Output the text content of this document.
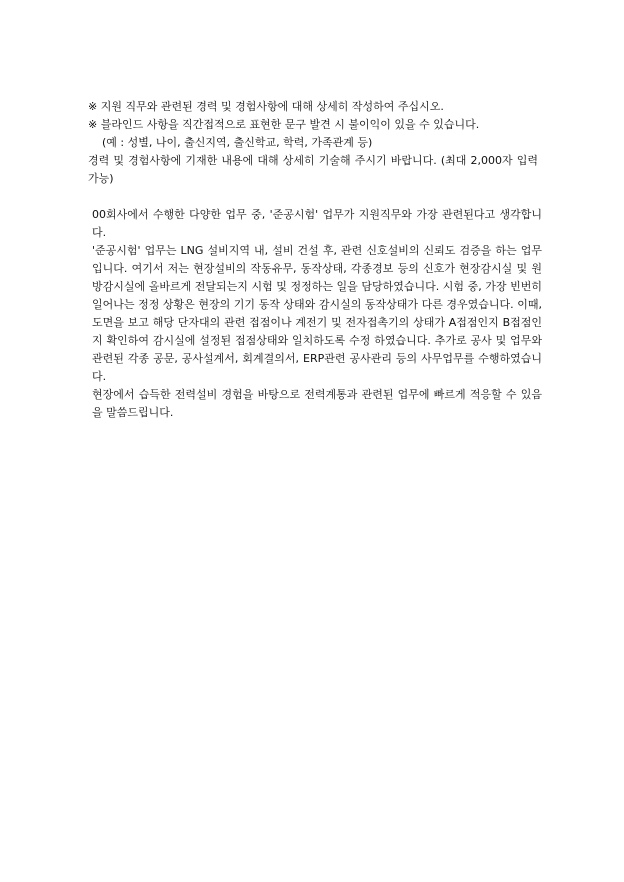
※ 지원 직무와 관련된 경력 및 경험사항에 대해 상세히 작성하여 주십시오.
※ 블라인드 사항을 직간접적으로 표현한 문구 발견 시 불이익이 있을 수 있습니다.
(예 : 성별, 나이, 출신지역, 출신학교, 학력, 가족관계 등)
경력 및 경험사항에 기재한 내용에 대해 상세히 기술해 주시기 바랍니다. (최대 2,000자 입력 가능)
00회사에서 수행한 다양한 업무 중, '준공시험' 업무가 지원직무와 가장 관련된다고 생각합니다.
'준공시험' 업무는 LNG 설비지역 내, 설비 건설 후, 관련 신호설비의 신뢰도 검증을 하는 업무입니다. 여기서 저는 현장설비의 작동유무, 동작상태, 각종경보 등의 신호가 현장감시실 및 원방감시실에 올바르게 전달되는지 시험 및 정정하는 일을 담당하였습니다. 시험 중, 가장 빈번히 일어나는 정정 상황은 현장의 기기 동작 상태와 감시실의 동작상태가 다른 경우였습니다. 이때, 도면을 보고 해당 단자대의 관련 접점이나 계전기 및 전자접촉기의 상태가 A접점인지 B접점인지 확인하여 감시실에 설정된 접점상태와 일치하도록 수정 하였습니다. 추가로 공사 및 업무와 관련된 각종 공문, 공사설계서, 회계결의서, ERP관련 공사관리 등의 사무업무를 수행하였습니다.
현장에서 습득한 전력설비 경험을 바탕으로 전력계통과 관련된 업무에 빠르게 적응할 수 있음을 말씀드립니다.
